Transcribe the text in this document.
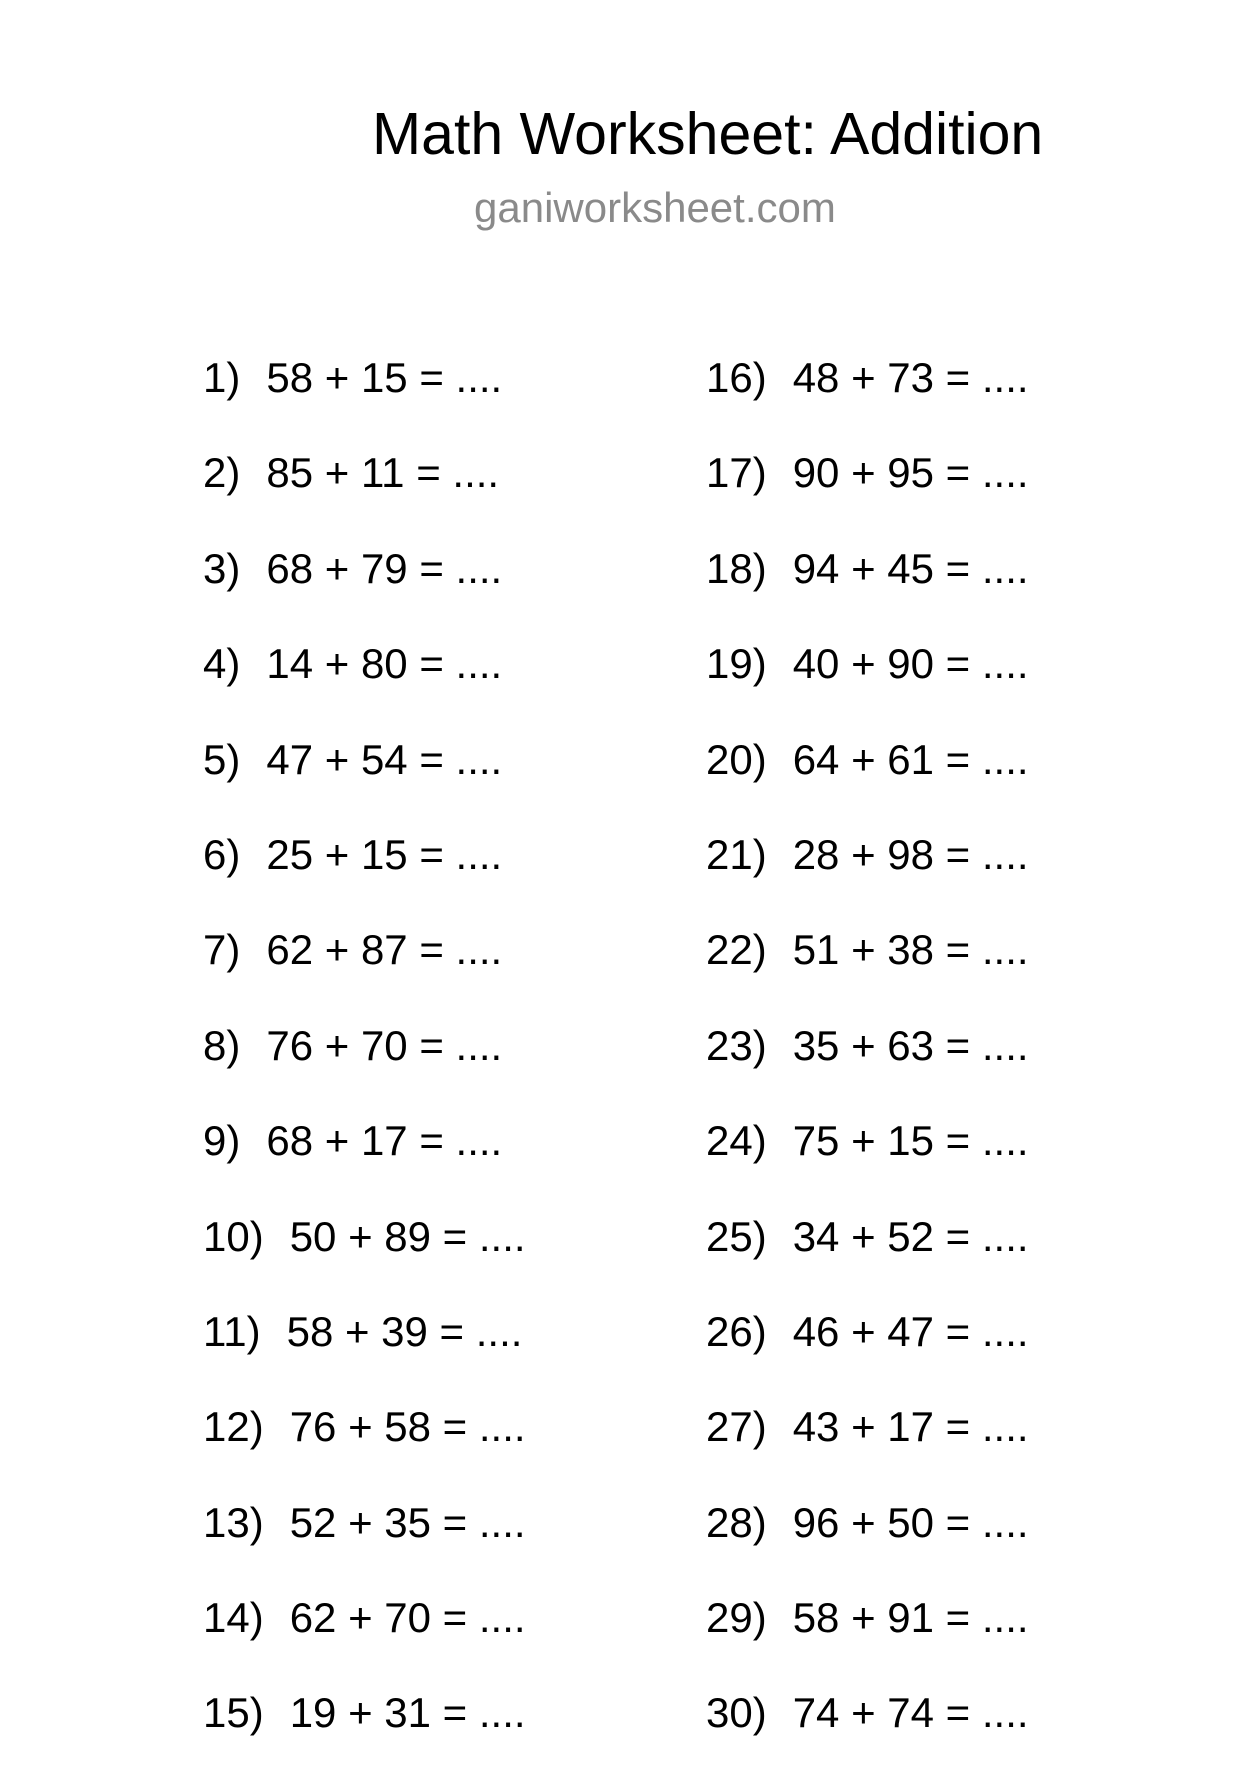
Math Worksheet: Addition
ganiworksheet.com
1) 58 + 15 = ....
2) 85 + 11 = ....
3) 68 + 79 = ....
4) 14 + 80 = ....
5) 47 + 54 = ....
6) 25 + 15 = ....
7) 62 + 87 = ....
8) 76 + 70 = ....
9) 68 + 17 = ....
10) 50 + 89 = ....
11) 58 + 39 = ....
12) 76 + 58 = ....
13) 52 + 35 = ....
14) 62 + 70 = ....
15) 19 + 31 = ....
16) 48 + 73 = ....
17) 90 + 95 = ....
18) 94 + 45 = ....
19) 40 + 90 = ....
20) 64 + 61 = ....
21) 28 + 98 = ....
22) 51 + 38 = ....
23) 35 + 63 = ....
24) 75 + 15 = ....
25) 34 + 52 = ....
26) 46 + 47 = ....
27) 43 + 17 = ....
28) 96 + 50 = ....
29) 58 + 91 = ....
30) 74 + 74 = ....
